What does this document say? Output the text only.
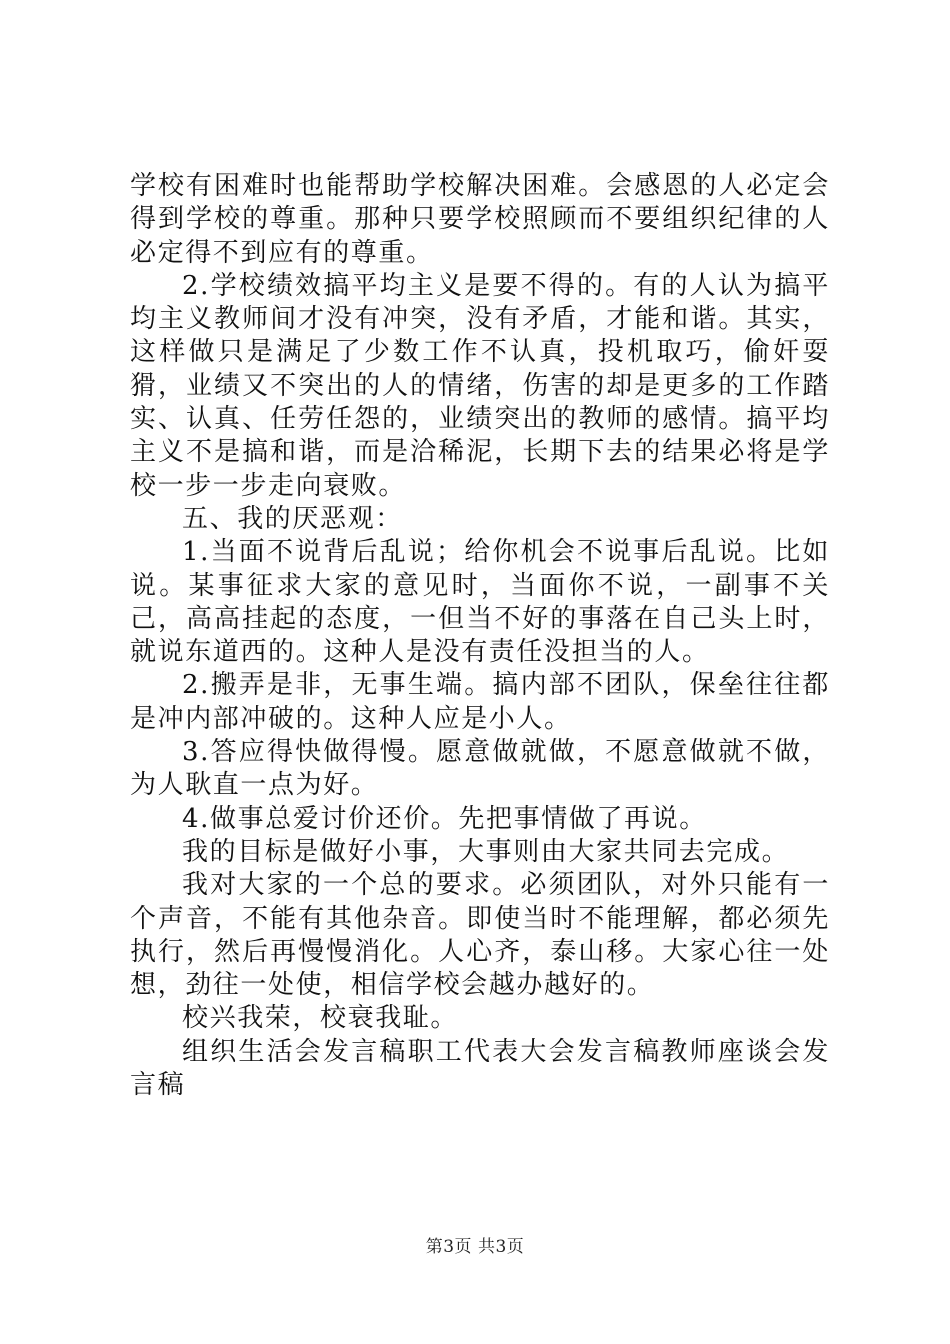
学校有困难时也能帮助学校解决困难。会感恩的人必定会得到学校的尊重。那种只要学校照顾而不要组织纪律的人必定得不到应有的尊重。

2.学校绩效搞平均主义是要不得的。有的人认为搞平均主义教师间才没有冲突，没有矛盾，才能和谐。其实，这样做只是满足了少数工作不认真，投机取巧，偷奸耍猾，业绩又不突出的人的情绪，伤害的却是更多的工作踏实、认真、任劳任怨的，业绩突出的教师的感情。搞平均主义不是搞和谐，而是洽稀泥，长期下去的结果必将是学校一步一步走向衰败。

五、我的厌恶观：

1.当面不说背后乱说；给你机会不说事后乱说。比如说。某事征求大家的意见时，当面你不说，一副事不关己，高高挂起的态度，一但当不好的事落在自己头上时，就说东道西的。这种人是没有责任没担当的人。

2.搬弄是非，无事生端。搞内部不团队，保垒往往都是冲内部冲破的。这种人应是小人。

3.答应得快做得慢。愿意做就做，不愿意做就不做，为人耿直一点为好。

4.做事总爱讨价还价。先把事情做了再说。

我的目标是做好小事，大事则由大家共同去完成。

我对大家的一个总的要求。必须团队，对外只能有一个声音，不能有其他杂音。即使当时不能理解，都必须先执行，然后再慢慢消化。人心齐，泰山移。大家心往一处想，劲往一处使，相信学校会越办越好的。

校兴我荣，校衰我耻。

组织生活会发言稿职工代表大会发言稿教师座谈会发言稿

第3页 共3页
